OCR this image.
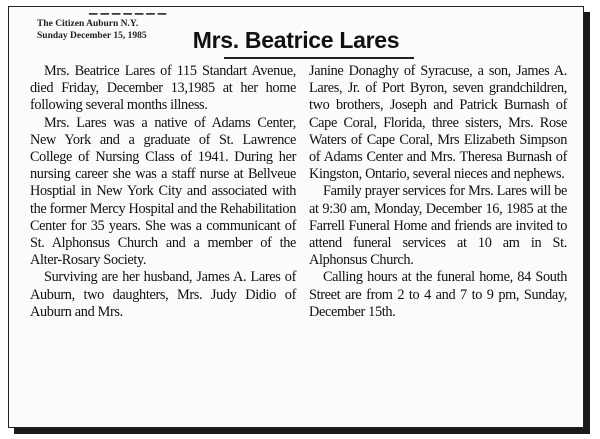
▁▁▁▁▁▁▁
The Citizen Auburn N.Y.
Sunday December 15, 1985	Mrs. Beatrice Lares

Mrs. Beatrice Lares of 115 Standart Avenue, died Friday, December 13,1985 at her home following several months illness.

Mrs. Lares was a native of Adams Center, New York and a graduate of St. Lawrence College of Nursing Class of 1941. During her nursing career she was a staff nurse at Bellveue Hosptial in New York City and associated with the former Mercy Hospital and the Rehabilitation Center for 35 years. She was a communicant of St. Alphonsus Church and a member of the Alter-Rosary Society.

Surviving are her husband, James A. Lares of Auburn, two daughters, Mrs. Judy Didio of Auburn and Mrs.

Janine Donaghy of Syracuse, a son, James A. Lares, Jr. of Port Byron, seven grandchildren, two brothers, Joseph and Patrick Burnash of Cape Coral, Florida, three sisters, Mrs. Rose Waters of Cape Coral, Mrs Elizabeth Simpson of Adams Center and Mrs. Theresa Burnash of Kingston, Ontario, several nieces and nephews.

Family prayer services for Mrs. Lares will be at 9:30 am, Monday, December 16, 1985 at the Farrell Funeral Home and friends are invited to attend funeral services at 10 am in St. Alphonsus Church.

Calling hours at the funeral home, 84 South Street are from 2 to 4 and 7 to 9 pm, Sunday, December 15th.
